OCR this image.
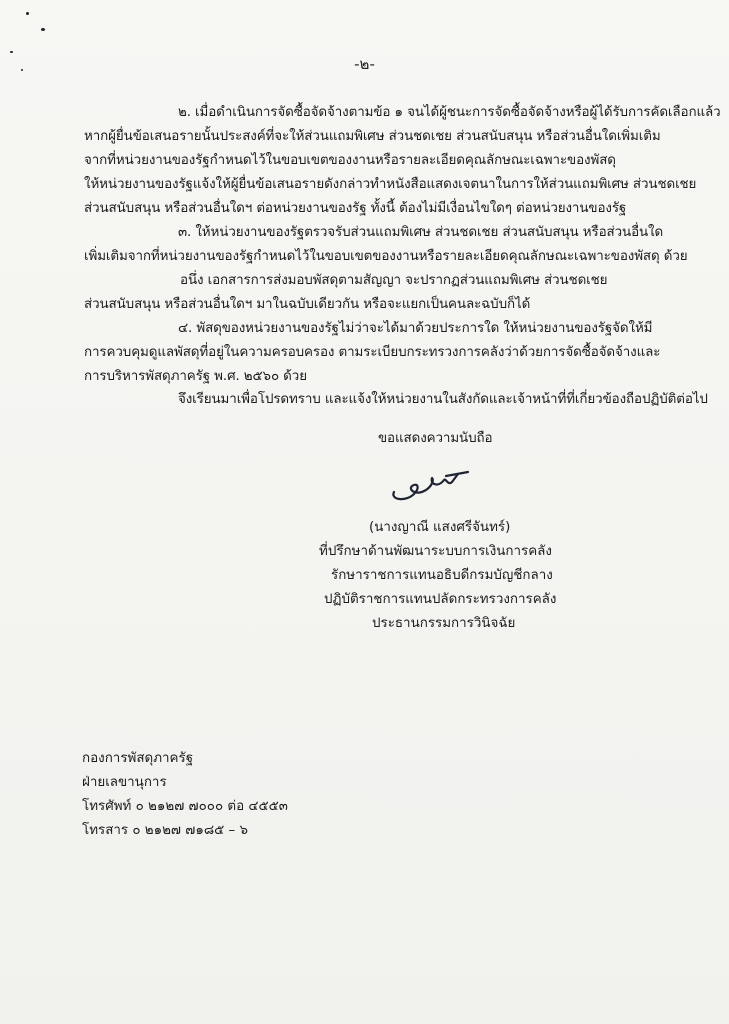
-๒-
๒. เมื่อดำเนินการจัดซื้อจัดจ้างตามข้อ ๑ จนได้ผู้ชนะการจัดซื้อจัดจ้างหรือผู้ได้รับการคัดเลือกแล้ว
หากผู้ยื่นข้อเสนอรายนั้นประสงค์ที่จะให้ส่วนแถมพิเศษ ส่วนชดเชย ส่วนสนับสนุน หรือส่วนอื่นใดเพิ่มเติม
จากที่หน่วยงานของรัฐกำหนดไว้ในขอบเขตของงานหรือรายละเอียดคุณลักษณะเฉพาะของพัสดุ
ให้หน่วยงานของรัฐแจ้งให้ผู้ยื่นข้อเสนอรายดังกล่าวทำหนังสือแสดงเจตนาในการให้ส่วนแถมพิเศษ ส่วนชดเชย
ส่วนสนับสนุน หรือส่วนอื่นใดฯ ต่อหน่วยงานของรัฐ ทั้งนี้ ต้องไม่มีเงื่อนไขใดๆ ต่อหน่วยงานของรัฐ
๓. ให้หน่วยงานของรัฐตรวจรับส่วนแถมพิเศษ ส่วนชดเชย ส่วนสนับสนุน หรือส่วนอื่นใด
เพิ่มเติมจากที่หน่วยงานของรัฐกำหนดไว้ในขอบเขตของงานหรือรายละเอียดคุณลักษณะเฉพาะของพัสดุ ด้วย
อนึ่ง เอกสารการส่งมอบพัสดุตามสัญญา จะปรากฏส่วนแถมพิเศษ ส่วนชดเชย
ส่วนสนับสนุน หรือส่วนอื่นใดฯ มาในฉบับเดียวกัน หรือจะแยกเป็นคนละฉบับก็ได้
๔. พัสดุของหน่วยงานของรัฐไม่ว่าจะได้มาด้วยประการใด ให้หน่วยงานของรัฐจัดให้มี
การควบคุมดูแลพัสดุที่อยู่ในความครอบครอง ตามระเบียบกระทรวงการคลังว่าด้วยการจัดซื้อจัดจ้างและ
การบริหารพัสดุภาครัฐ พ.ศ. ๒๕๖๐ ด้วย
จึงเรียนมาเพื่อโปรดทราบ และแจ้งให้หน่วยงานในสังกัดและเจ้าหน้าที่ที่เกี่ยวข้องถือปฏิบัติต่อไป
ขอแสดงความนับถือ
(นางญาณี แสงศรีจันทร์)
ที่ปรึกษาด้านพัฒนาระบบการเงินการคลัง
รักษาราชการแทนอธิบดีกรมบัญชีกลาง
ปฏิบัติราชการแทนปลัดกระทรวงการคลัง
ประธานกรรมการวินิจฉัย
กองการพัสดุภาครัฐ
ฝ่ายเลขานุการ
โทรศัพท์ ๐ ๒๑๒๗ ๗๐๐๐ ต่อ ๔๕๕๓
โทรสาร ๐ ๒๑๒๗ ๗๑๘๕ – ๖
